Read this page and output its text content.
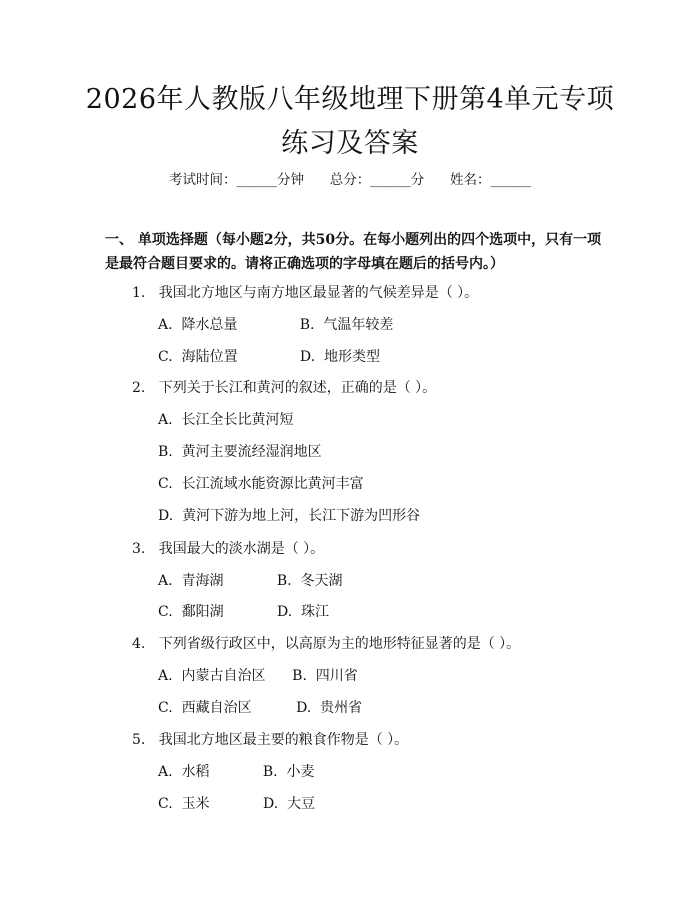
2026年人教版八年级地理下册第4单元专项
练习及答案
考试时间：______分钟      总分：______分      姓名：______
一、 单项选择题（每小题2分，共50分。在每小题列出的四个选项中，只有一项是最符合题目要求的。请将正确选项的字母填在题后的括号内。）
1.   我国北方地区与南方地区最显著的气候差异是（ ）。
A.  降水总量              B.  气温年较差
C.  海陆位置              D.  地形类型
2.   下列关于长江和黄河的叙述，正确的是（ ）。
A.  长江全长比黄河短
B.  黄河主要流经湿润地区
C.  长江流域水能资源比黄河丰富
D.  黄河下游为地上河，长江下游为凹形谷
3.   我国最大的淡水湖是（ ）。
A.  青海湖            B.  冬天湖
C.  鄱阳湖            D.  珠江
4.   下列省级行政区中，以高原为主的地形特征显著的是（ ）。
A.  内蒙古自治区      B.  四川省
C.  西藏自治区          D.  贵州省
5.   我国北方地区最主要的粮食作物是（ ）。
A.  水稻            B.  小麦
C.  玉米            D.  大豆
